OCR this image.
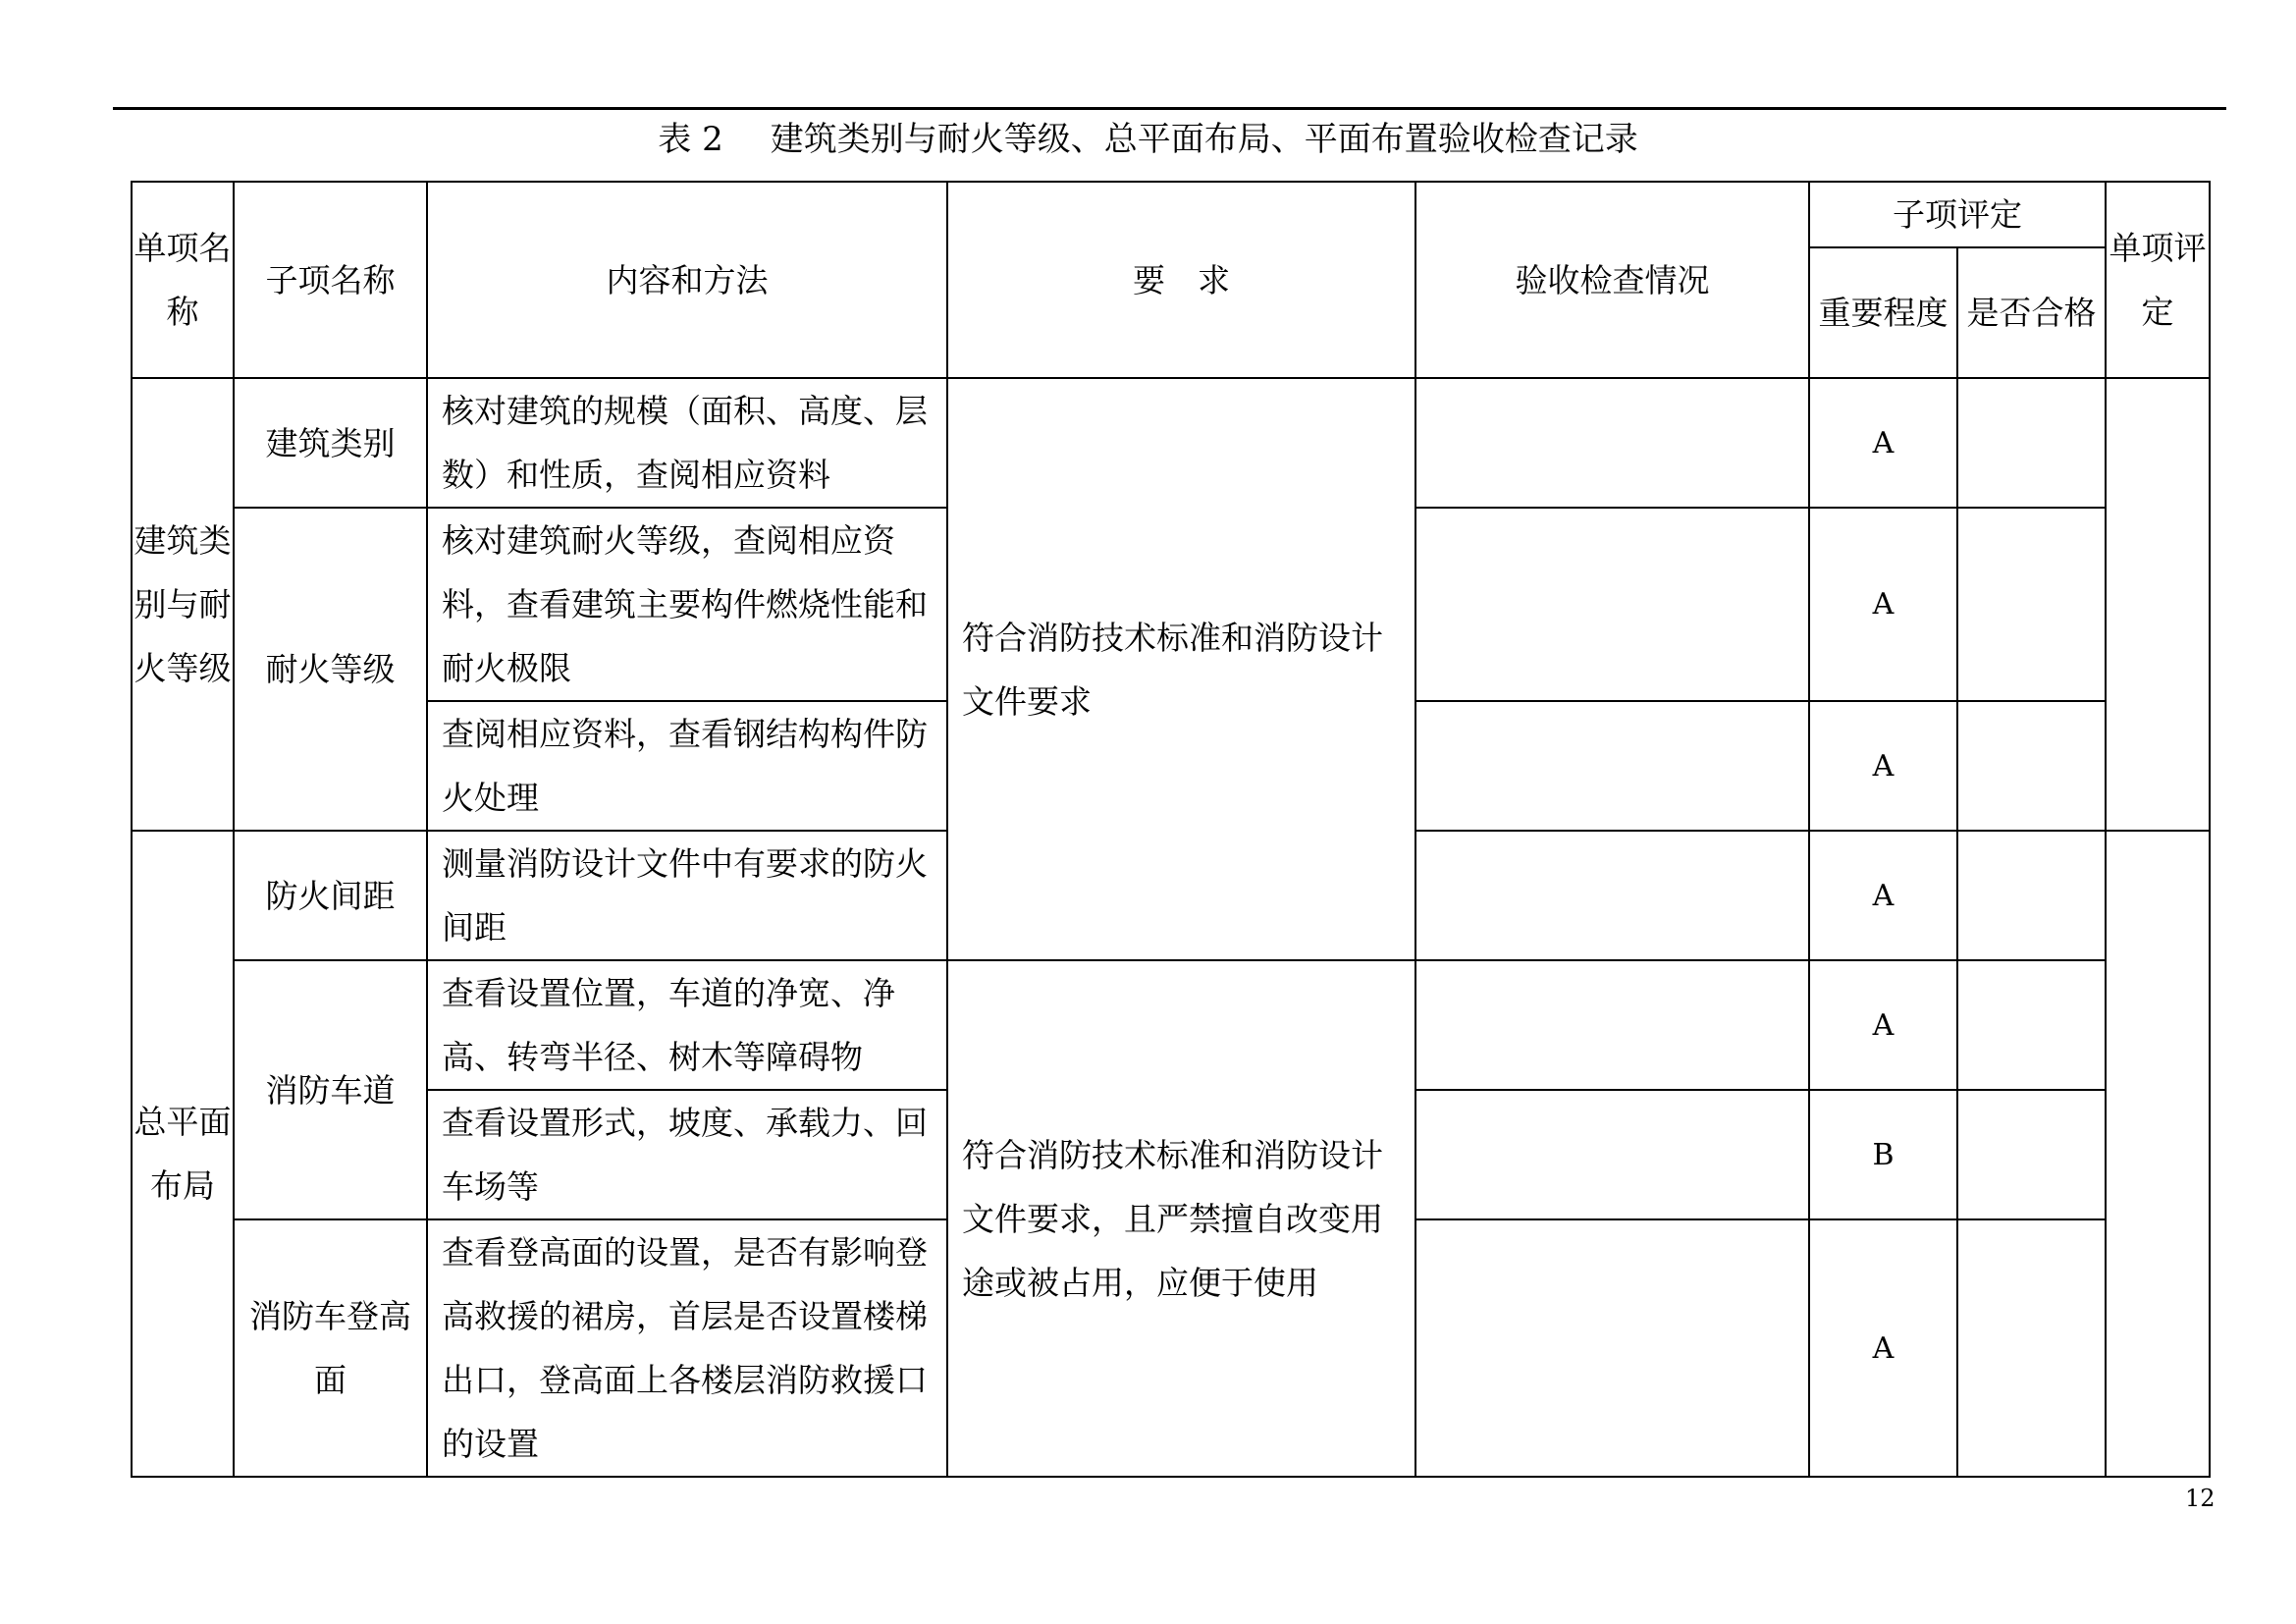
表 2 建筑类别与耐火等级、总平面布局、平面布置验收检查记录
单项名称	子项名称	内容和方法	要　求	验收检查情况	子项评定		单项评定
					重要程度	是否合格	
建筑类别与耐火等级	建筑类别	核对建筑的规模（面积、高度、层数）和性质，查阅相应资料	符合消防技术标准和消防设计文件要求		A		
	耐火等级	核对建筑耐火等级，查阅相应资料，查看建筑主要构件燃烧性能和耐火极限			A		
		查阅相应资料，查看钢结构构件防火处理			A		
总平面布局	防火间距	测量消防设计文件中有要求的防火间距			A		
	消防车道	查看设置位置，车道的净宽、净高、转弯半径、树木等障碍物	符合消防技术标准和消防设计文件要求，且严禁擅自改变用途或被占用，应便于使用		A		
		查看设置形式，坡度、承载力、回车场等			B		
	消防车登高面	查看登高面的设置，是否有影响登高救援的裙房，首层是否设置楼梯出口，登高面上各楼层消防救援口的设置			A		
12
